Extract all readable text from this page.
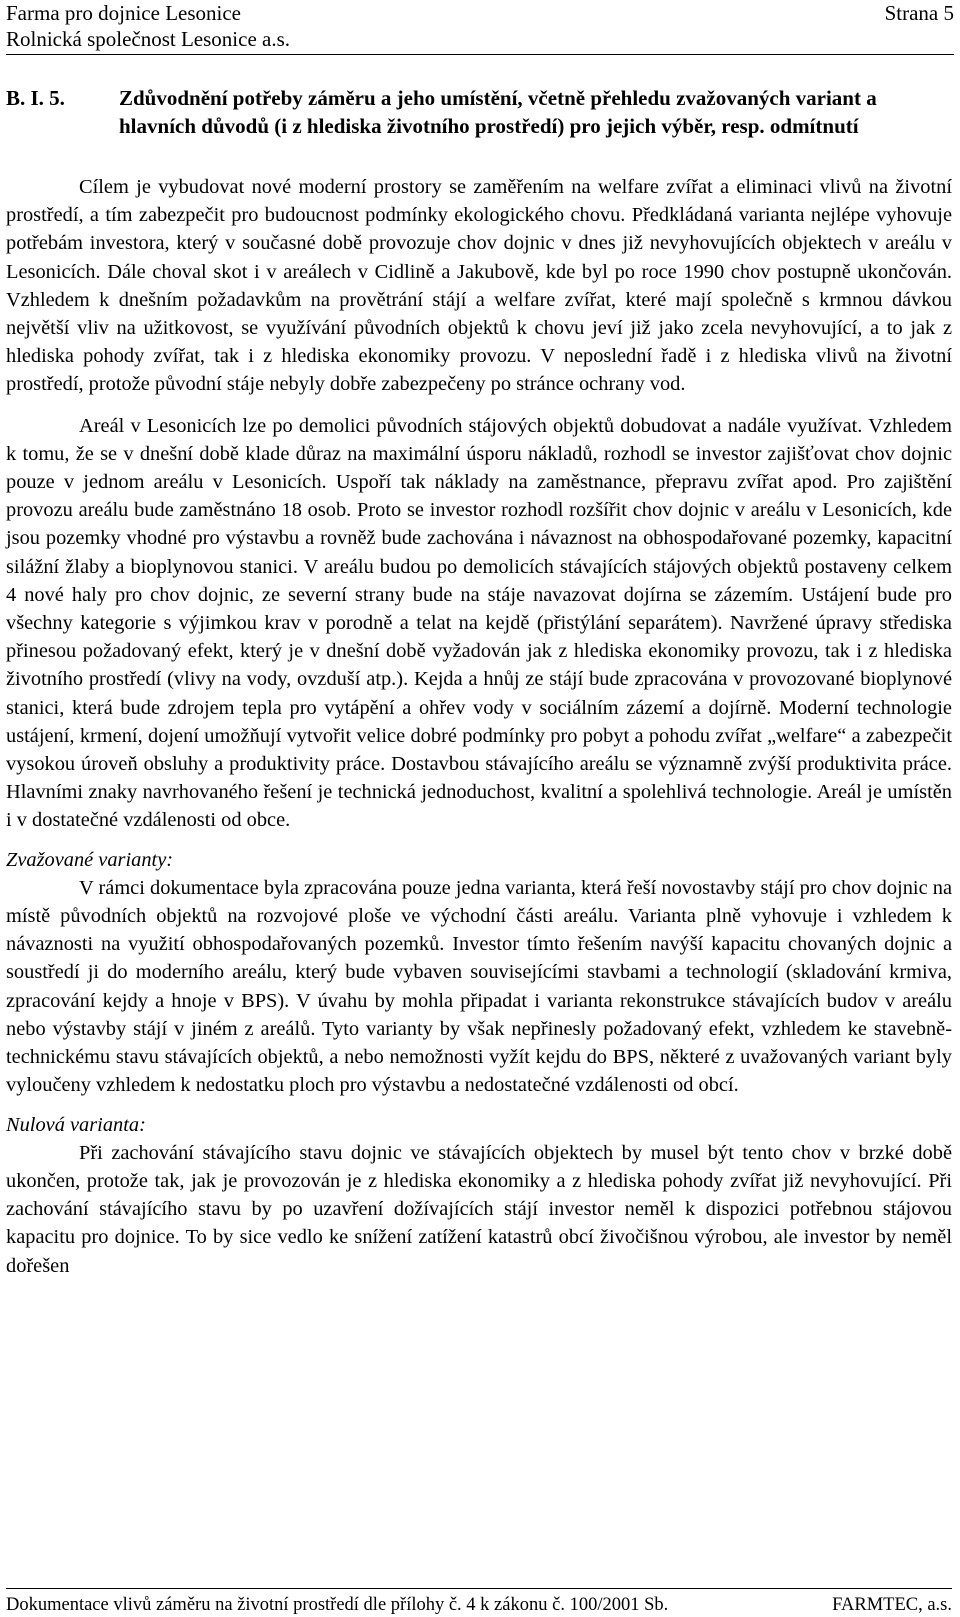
Farma pro dojnice Lesonice	Strana 5
Rolnická společnost Lesonice a.s.
B. I. 5.	Zdůvodnění potřeby záměru a jeho umístění, včetně přehledu zvažovaných variant a hlavních důvodů (i z hlediska životního prostředí) pro jejich výběr, resp. odmítnutí

Cílem je vybudovat nové moderní prostory se zaměřením na welfare zvířat a eliminaci vlivů na životní prostředí, a tím zabezpečit pro budoucnost podmínky ekologického chovu. Předkládaná varianta nejlépe vyhovuje potřebám investora, který v současné době provozuje chov dojnic v dnes již nevyhovujících objektech v areálu v Lesonicích. Dále choval skot i v areálech v Cidlině a Jakubově, kde byl po roce 1990 chov postupně ukončován. Vzhledem k dnešním požadavkům na provětrání stájí a welfare zvířat, které mají společně s krmnou dávkou největší vliv na užitkovost, se využívání původních objektů k chovu jeví již jako zcela nevyhovující, a to jak z hlediska pohody zvířat, tak i z hlediska ekonomiky provozu. V neposlední řadě i z hlediska vlivů na životní prostředí, protože původní stáje nebyly dobře zabezpečeny po stránce ochrany vod.

Areál v Lesonicích lze po demolici původních stájových objektů dobudovat a nadále využívat. Vzhledem k tomu, že se v dnešní době klade důraz na maximální úsporu nákladů, rozhodl se investor zajišťovat chov dojnic pouze v jednom areálu v Lesonicích. Uspoří tak náklady na zaměstnance, přepravu zvířat apod. Pro zajištění provozu areálu bude zaměstnáno 18 osob. Proto se investor rozhodl rozšířit chov dojnic v areálu v Lesonicích, kde jsou pozemky vhodné pro výstavbu a rovněž bude zachována i návaznost na obhospodařované pozemky, kapacitní silážní žlaby a bioplynovou stanici. V areálu budou po demolicích stávajících stájových objektů postaveny celkem 4 nové haly pro chov dojnic, ze severní strany bude na stáje navazovat dojírna se zázemím. Ustájení bude pro všechny kategorie s výjimkou krav v porodně a telat na kejdě (přistýlání separátem). Navržené úpravy střediska přinesou požadovaný efekt, který je v dnešní době vyžadován jak z hlediska ekonomiky provozu, tak i z hlediska životního prostředí (vlivy na vody, ovzduší atp.). Kejda a hnůj ze stájí bude zpracována v provozované bioplynové stanici, která bude zdrojem tepla pro vytápění a ohřev vody v sociálním zázemí a dojírně. Moderní technologie ustájení, krmení, dojení umožňují vytvořit velice dobré podmínky pro pobyt a pohodu zvířat „welfare“ a zabezpečit vysokou úroveň obsluhy a produktivity práce. Dostavbou stávajícího areálu se významně zvýší produktivita práce. Hlavními znaky navrhovaného řešení je technická jednoduchost, kvalitní a spolehlivá technologie. Areál je umístěn i v dostatečné vzdálenosti od obce.

Zvažované varianty:

V rámci dokumentace byla zpracována pouze jedna varianta, která řeší novostavby stájí pro chov dojnic na místě původních objektů na rozvojové ploše ve východní části areálu. Varianta plně vyhovuje i vzhledem k návaznosti na využití obhospodařovaných pozemků. Investor tímto řešením navýší kapacitu chovaných dojnic a soustředí ji do moderního areálu, který bude vybaven souvisejícími stavbami a technologií (skladování krmiva, zpracování kejdy a hnoje v BPS). V úvahu by mohla připadat i varianta rekonstrukce stávajících budov v areálu nebo výstavby stájí v jiném z areálů. Tyto varianty by však nepřinesly požadovaný efekt, vzhledem ke stavebně-technickému stavu stávajících objektů, a nebo nemožnosti vyžít kejdu do BPS, některé z uvažovaných variant byly vyloučeny vzhledem k nedostatku ploch pro výstavbu a nedostatečné vzdálenosti od obcí.

Nulová varianta:

Při zachování stávajícího stavu dojnic ve stávajících objektech by musel být tento chov v brzké době ukončen, protože tak, jak je provozován je z hlediska ekonomiky a z hlediska pohody zvířat již nevyhovující. Při zachování stávajícího stavu by po uzavření dožívajících stájí investor neměl k dispozici potřebnou stájovou kapacitu pro dojnice. To by sice vedlo ke snížení zatížení katastrů obcí živočišnou výrobou, ale investor by neměl dořešen

Dokumentace vlivů záměru na životní prostředí dle přílohy č. 4 k zákonu č. 100/2001 Sb.	FARMTEC, a.s.
